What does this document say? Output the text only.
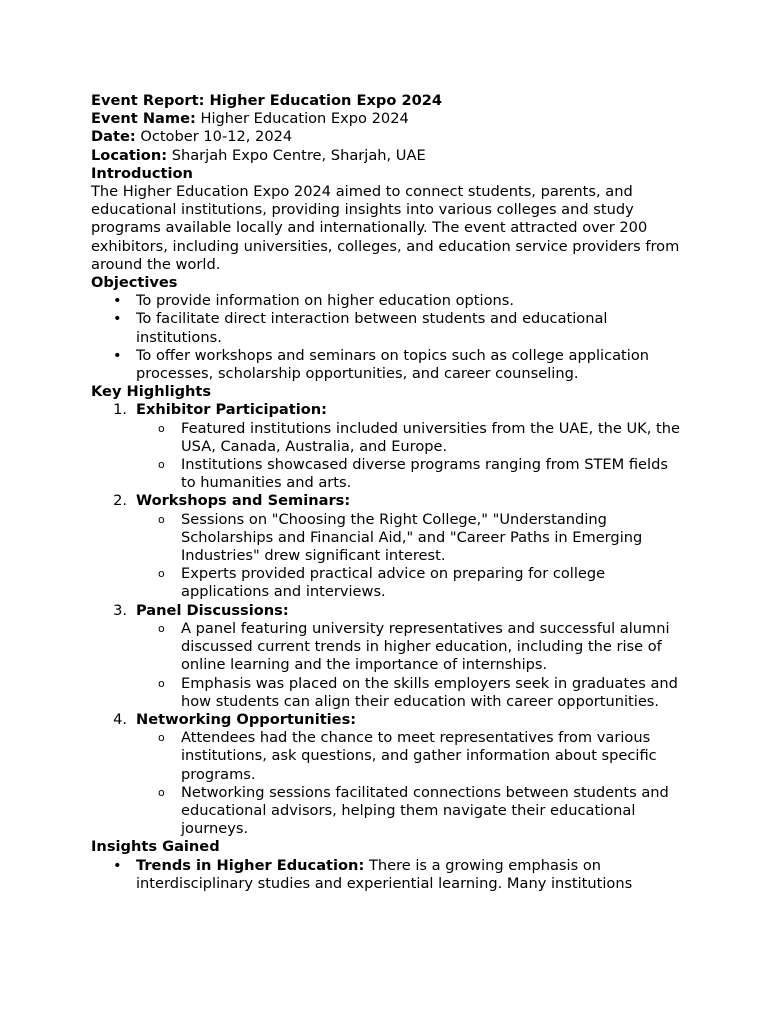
Event Report: Higher Education Expo 2024

Event Name: Higher Education Expo 2024

Date: October 10-12, 2024

Location: Sharjah Expo Centre, Sharjah, UAE

Introduction

The Higher Education Expo 2024 aimed to connect students, parents, and educational institutions, providing insights into various colleges and study programs available locally and internationally. The event attracted over 200 exhibitors, including universities, colleges, and education service providers from around the world.

Objectives

• To provide information on higher education options.
• To facilitate direct interaction between students and educational institutions.
• To offer workshops and seminars on topics such as college application processes, scholarship opportunities, and career counseling.

Key Highlights

1. Exhibitor Participation:
o Featured institutions included universities from the UAE, the UK, the USA, Canada, Australia, and Europe.
o Institutions showcased diverse programs ranging from STEM fields to humanities and arts.
2. Workshops and Seminars:
o Sessions on "Choosing the Right College," "Understanding Scholarships and Financial Aid," and "Career Paths in Emerging Industries" drew significant interest.
o Experts provided practical advice on preparing for college applications and interviews.
3. Panel Discussions:
o A panel featuring university representatives and successful alumni discussed current trends in higher education, including the rise of online learning and the importance of internships.
o Emphasis was placed on the skills employers seek in graduates and how students can align their education with career opportunities.
4. Networking Opportunities:
o Attendees had the chance to meet representatives from various institutions, ask questions, and gather information about specific programs.
o Networking sessions facilitated connections between students and educational advisors, helping them navigate their educational journeys.

Insights Gained

• Trends in Higher Education: There is a growing emphasis on interdisciplinary studies and experiential learning. Many institutions
